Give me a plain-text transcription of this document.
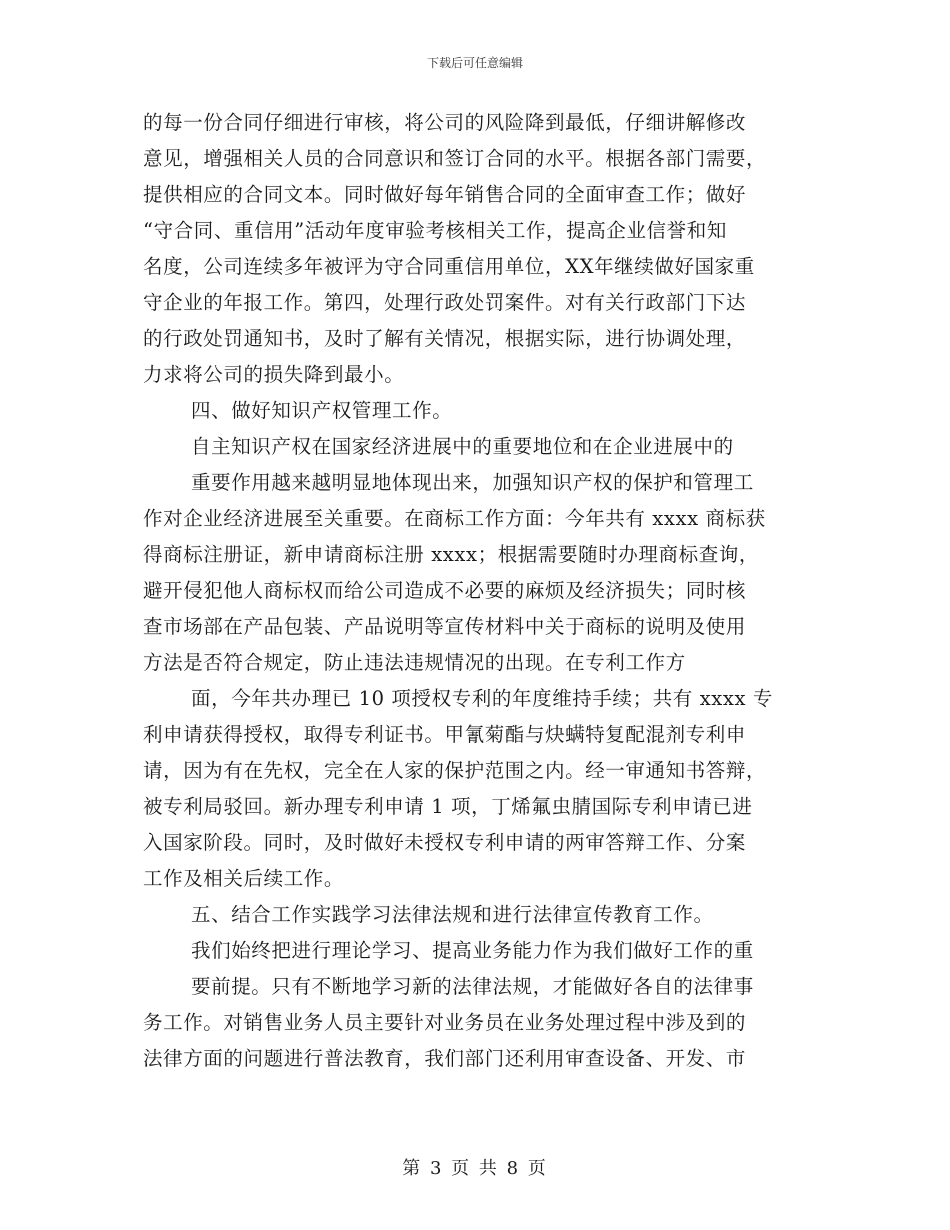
下载后可任意编辑
的每一份合同仔细进行审核，将公司的风险降到最低，仔细讲解修改
意见，增强相关人员的合同意识和签订合同的水平。根据各部门需要，
提供相应的合同文本。同时做好每年销售合同的全面审查工作；做好
“守合同、重信用”活动年度审验考核相关工作，提高企业信誉和知
名度，公司连续多年被评为守合同重信用单位，XX年继续做好国家重
守企业的年报工作。第四，处理行政处罚案件。对有关行政部门下达
的行政处罚通知书，及时了解有关情况，根据实际，进行协调处理，
力求将公司的损失降到最小。
四、做好知识产权管理工作。
自主知识产权在国家经济进展中的重要地位和在企业进展中的
重要作用越来越明显地体现出来，加强知识产权的保护和管理工
作对企业经济进展至关重要。在商标工作方面：今年共有 xxxx 商标获
得商标注册证，新申请商标注册 xxxx；根据需要随时办理商标查询，
避开侵犯他人商标权而给公司造成不必要的麻烦及经济损失；同时核
查市场部在产品包装、产品说明等宣传材料中关于商标的说明及使用
方法是否符合规定，防止违法违规情况的出现。在专利工作方
面，今年共办理已 10 项授权专利的年度维持手续；共有 xxxx 专
利申请获得授权，取得专利证书。甲氰菊酯与炔螨特复配混剂专利申
请，因为有在先权，完全在人家的保护范围之内。经一审通知书答辩，
被专利局驳回。新办理专利申请 1 项，丁烯氟虫腈国际专利申请已进
入国家阶段。同时，及时做好未授权专利申请的两审答辩工作、分案
工作及相关后续工作。
五、结合工作实践学习法律法规和进行法律宣传教育工作。
我们始终把进行理论学习、提高业务能力作为我们做好工作的重
要前提。只有不断地学习新的法律法规，才能做好各自的法律事
务工作。对销售业务人员主要针对业务员在业务处理过程中涉及到的
法律方面的问题进行普法教育，我们部门还利用审查设备、开发、市
第 3 页 共 8 页
